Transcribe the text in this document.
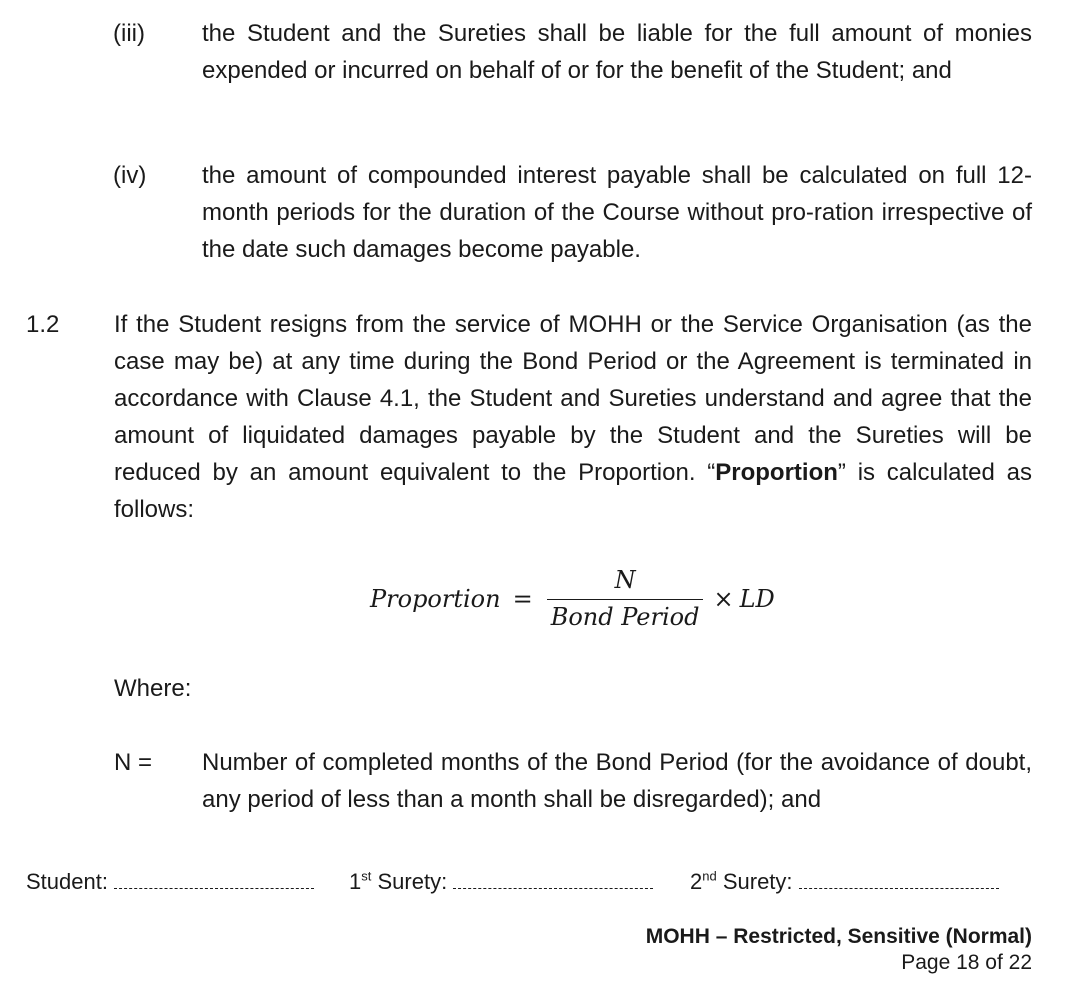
(iii) the Student and the Sureties shall be liable for the full amount of monies expended or incurred on behalf of or for the benefit of the Student; and
(iv) the amount of compounded interest payable shall be calculated on full 12-month periods for the duration of the Course without pro-ration irrespective of the date such damages become payable.
1.2 If the Student resigns from the service of MOHH or the Service Organisation (as the case may be) at any time during the Bond Period or the Agreement is terminated in accordance with Clause 4.1, the Student and Sureties understand and agree that the amount of liquidated damages payable by the Student and the Sureties will be reduced by an amount equivalent to the Proportion. “Proportion” is calculated as follows:
Proportion = $\frac{N}{\text{Bond Period}}$ × LD
Where:
N = Number of completed months of the Bond Period (for the avoidance of doubt, any period of less than a month shall be disregarded); and
Student:	1st Surety:	2nd Surety:
MOHH – Restricted, Sensitive (Normal)
Page 18 of 22
